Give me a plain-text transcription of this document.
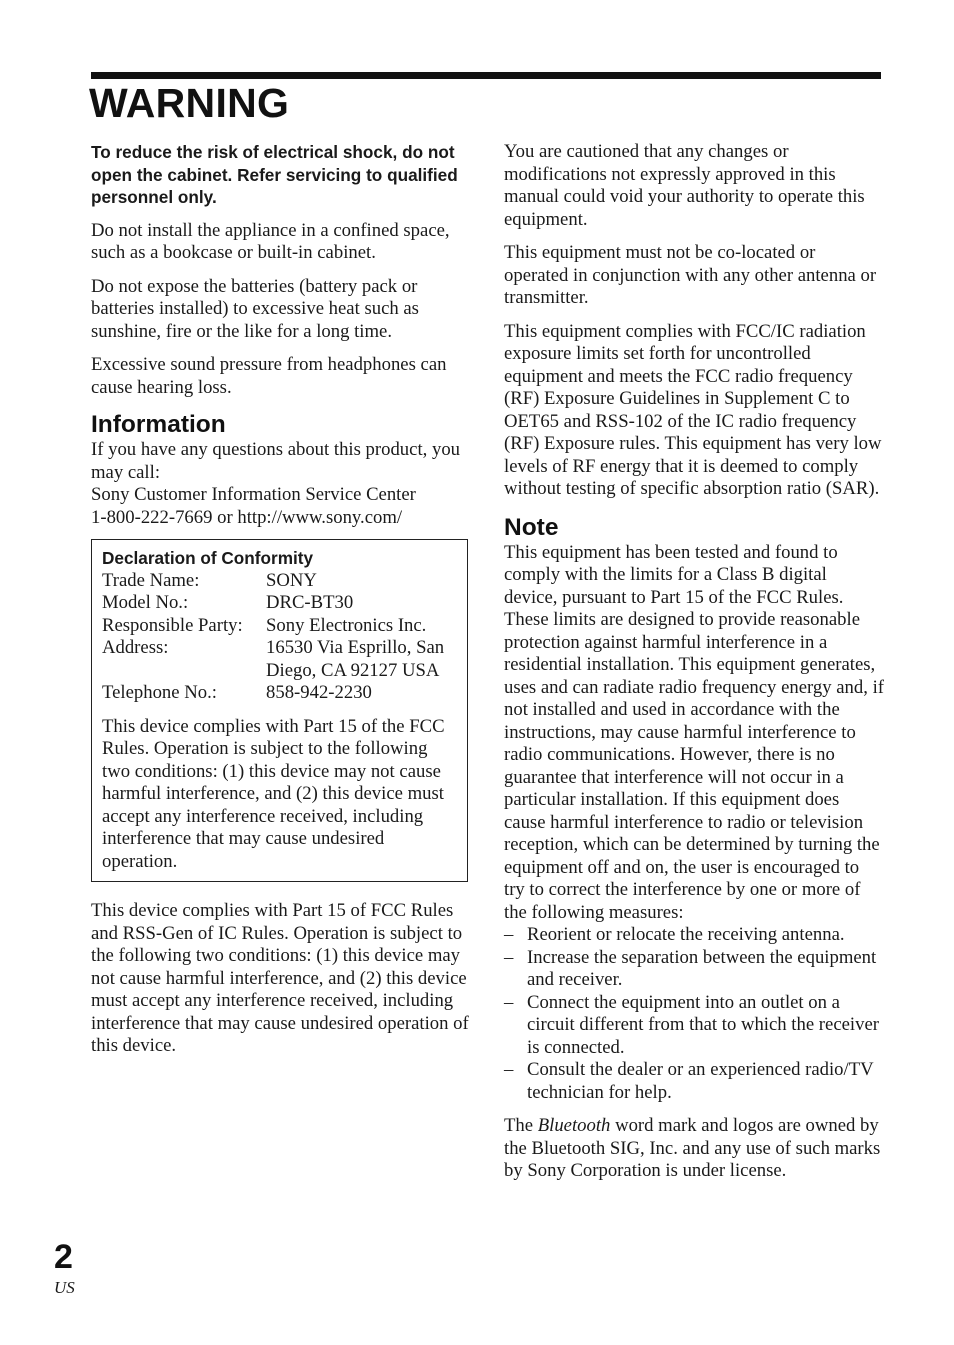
WARNING

To reduce the risk of electrical shock, do not open the cabinet. Refer servicing to qualified personnel only.

Do not install the appliance in a confined space, such as a bookcase or built-in cabinet.

Do not expose the batteries (battery pack or batteries installed) to excessive heat such as sunshine, fire or the like for a long time.

Excessive sound pressure from headphones can cause hearing loss.

Information

If you have any questions about this product, you may call:

Sony Customer Information Service Center

1-800-222-7669 or http://www.sony.com/

Declaration of Conformity
Trade Name:	SONY
Model No.:	DRC-BT30
Responsible Party:	Sony Electronics Inc.
Address:	16530 Via Esprillo, San Diego, CA 92127 USA
Telephone No.:	858-942-2230

This device complies with Part 15 of the FCC Rules. Operation is subject to the following two conditions: (1) this device may not cause harmful interference, and (2) this device must accept any interference received, including interference that may cause undesired operation.

This device complies with Part 15 of FCC Rules and RSS-Gen of IC Rules. Operation is subject to the following two conditions: (1) this device may not cause harmful interference, and (2) this device must accept any interference received, including interference that may cause undesired operation of this device.

You are cautioned that any changes or modifications not expressly approved in this manual could void your authority to operate this equipment.

This equipment must not be co-located or operated in conjunction with any other antenna or transmitter.

This equipment complies with FCC/IC radiation exposure limits set forth for uncontrolled equipment and meets the FCC radio frequency (RF) Exposure Guidelines in Supplement C to OET65 and RSS-102 of the IC radio frequency (RF) Exposure rules. This equipment has very low levels of RF energy that it is deemed to comply without testing of specific absorption ratio (SAR).

Note

This equipment has been tested and found to comply with the limits for a Class B digital device, pursuant to Part 15 of the FCC Rules. These limits are designed to provide reasonable protection against harmful interference in a residential installation. This equipment generates, uses and can radiate radio frequency energy and, if not installed and used in accordance with the instructions, may cause harmful interference to radio communications. However, there is no guarantee that interference will not occur in a particular installation. If this equipment does cause harmful interference to radio or television reception, which can be determined by turning the equipment off and on, the user is encouraged to try to correct the interference by one or more of the following measures:

– Reorient or relocate the receiving antenna.
– Increase the separation between the equipment and receiver.
– Connect the equipment into an outlet on a circuit different from that to which the receiver is connected.
– Consult the dealer or an experienced radio/TV technician for help.

The Bluetooth word mark and logos are owned by the Bluetooth SIG, Inc. and any use of such marks by Sony Corporation is under license.

2
US
